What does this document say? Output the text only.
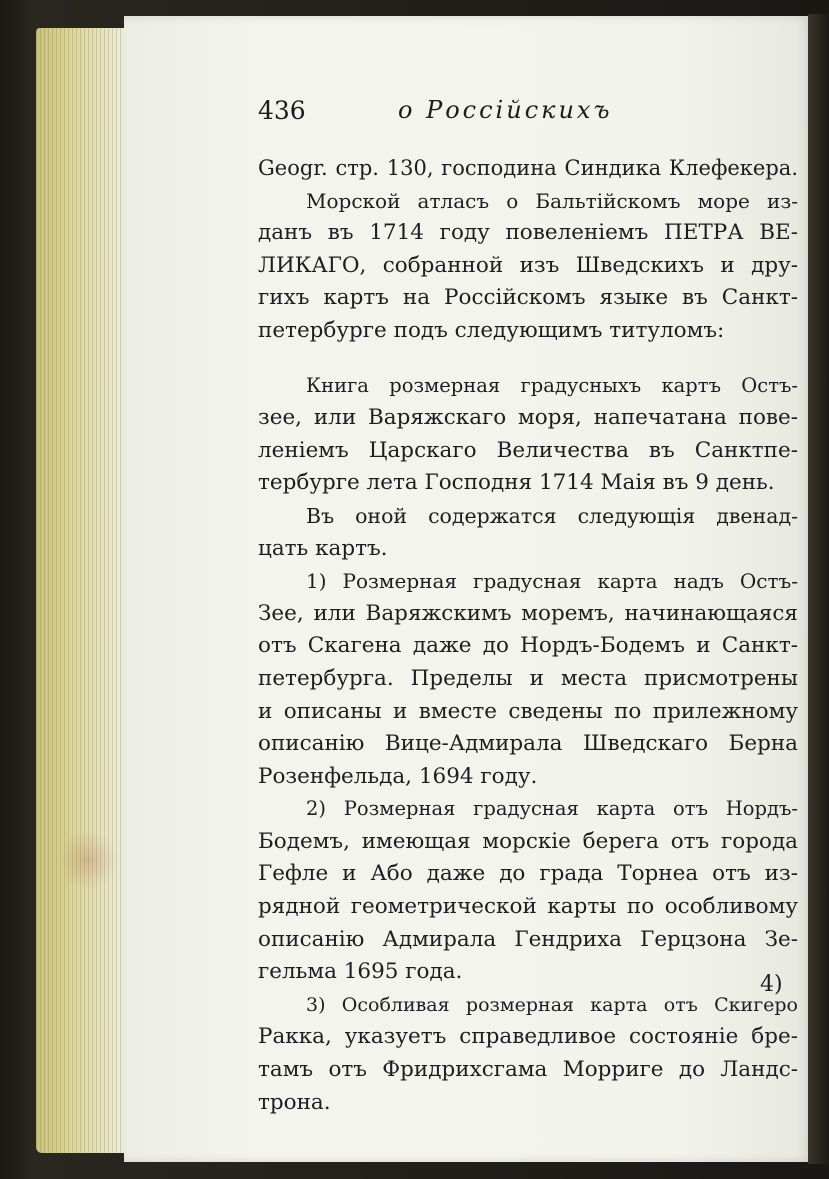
436	о Россійскихъ
Geogr. стр. 130, господина Синдика Клефекера.
Морской атласъ о Бальтійскомъ море из-
данъ въ 1714 году повеленіемъ ПЕТРА ВЕ-
ЛИКАГО, собранной изъ Шведскихъ и дру-
гихъ картъ на Россійскомъ языке въ Санкт-
петербурге подъ следующимъ титуломъ:
Книга розмерная градусныхъ картъ Остъ-
зее, или Варяжскаго моря, напечатана пове-
леніемъ Царскаго Величества въ Санктпе-
тербурге лета Господня 1714 Маія въ 9 день.
Въ оной содержатся следующія двенад-
цать картъ.
1) Розмерная градусная карта надъ Остъ-
Зее, или Варяжскимъ моремъ, начинающаяся
отъ Скагена даже до Нордъ-Бодемъ и Санкт-
петербурга. Пределы и места присмотрены
и описаны и вместе сведены по прилежному
описанію Вице-Адмирала Шведскаго Берна
Розенфельда, 1694 году.
2) Розмерная градусная карта отъ Нордъ-
Бодемъ, имеющая морскіе берега отъ города
Гефле и Або даже до града Торнеа отъ из-
рядной геометрической карты по особливому
описанію Адмирала Гендриха Герцзона Зе-
гельма 1695 года.
3) Особливая розмерная карта отъ Скигеро
Ракка, указуетъ справедливое состояніе бре-
тамъ отъ Фридрихсгама Морриге до Ландс-
трона.
4)
